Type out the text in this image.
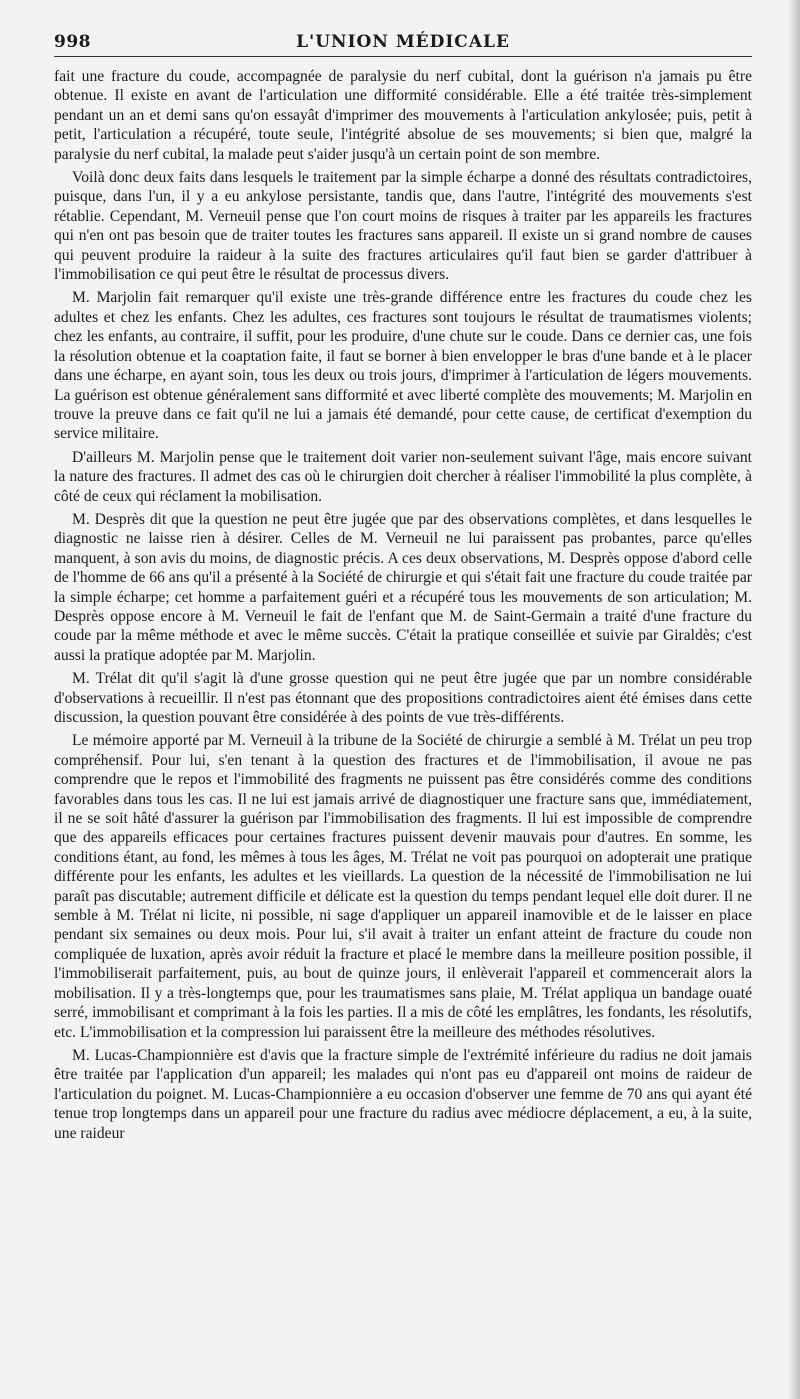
998	L'UNION MÉDICALE

fait une fracture du coude, accompagnée de paralysie du nerf cubital, dont la guérison n'a jamais pu être obtenue. Il existe en avant de l'articulation une difformité considérable. Elle a été traitée très-simplement pendant un an et demi sans qu'on essayât d'imprimer des mouvements à l'articulation ankylosée; puis, petit à petit, l'articulation a récupéré, toute seule, l'intégrité absolue de ses mouvements; si bien que, malgré la paralysie du nerf cubital, la malade peut s'aider jusqu'à un certain point de son membre.

Voilà donc deux faits dans lesquels le traitement par la simple écharpe a donné des résultats contradictoires, puisque, dans l'un, il y a eu ankylose persistante, tandis que, dans l'autre, l'intégrité des mouvements s'est rétablie. Cependant, M. Verneuil pense que l'on court moins de risques à traiter par les appareils les fractures qui n'en ont pas besoin que de traiter toutes les fractures sans appareil. Il existe un si grand nombre de causes qui peuvent produire la raideur à la suite des fractures articulaires qu'il faut bien se garder d'attribuer à l'immobilisation ce qui peut être le résultat de processus divers.

M. Marjolin fait remarquer qu'il existe une très-grande différence entre les fractures du coude chez les adultes et chez les enfants. Chez les adultes, ces fractures sont toujours le résultat de traumatismes violents; chez les enfants, au contraire, il suffit, pour les produire, d'une chute sur le coude. Dans ce dernier cas, une fois la résolution obtenue et la coaptation faite, il faut se borner à bien envelopper le bras d'une bande et à le placer dans une écharpe, en ayant soin, tous les deux ou trois jours, d'imprimer à l'articulation de légers mouvements. La guérison est obtenue généralement sans difformité et avec liberté complète des mouvements; M. Marjolin en trouve la preuve dans ce fait qu'il ne lui a jamais été demandé, pour cette cause, de certificat d'exemption du service militaire.

D'ailleurs M. Marjolin pense que le traitement doit varier non-seulement suivant l'âge, mais encore suivant la nature des fractures. Il admet des cas où le chirurgien doit chercher à réaliser l'immobilité la plus complète, à côté de ceux qui réclament la mobilisation.

M. Desprès dit que la question ne peut être jugée que par des observations complètes, et dans lesquelles le diagnostic ne laisse rien à désirer. Celles de M. Verneuil ne lui paraissent pas probantes, parce qu'elles manquent, à son avis du moins, de diagnostic précis. A ces deux observations, M. Desprès oppose d'abord celle de l'homme de 66 ans qu'il a présenté à la Société de chirurgie et qui s'était fait une fracture du coude traitée par la simple écharpe; cet homme a parfaitement guéri et a récupéré tous les mouvements de son articulation; M. Desprès oppose encore à M. Verneuil le fait de l'enfant que M. de Saint-Germain a traité d'une fracture du coude par la même méthode et avec le même succès. C'était la pratique conseillée et suivie par Giraldès; c'est aussi la pratique adoptée par M. Marjolin.

M. Trélat dit qu'il s'agit là d'une grosse question qui ne peut être jugée que par un nombre considérable d'observations à recueillir. Il n'est pas étonnant que des propositions contradictoires aient été émises dans cette discussion, la question pouvant être considérée à des points de vue très-différents.

Le mémoire apporté par M. Verneuil à la tribune de la Société de chirurgie a semblé à M. Trélat un peu trop compréhensif. Pour lui, s'en tenant à la question des fractures et de l'immobilisation, il avoue ne pas comprendre que le repos et l'immobilité des fragments ne puissent pas être considérés comme des conditions favorables dans tous les cas. Il ne lui est jamais arrivé de diagnostiquer une fracture sans que, immédiatement, il ne se soit hâté d'assurer la guérison par l'immobilisation des fragments. Il lui est impossible de comprendre que des appareils efficaces pour certaines fractures puissent devenir mauvais pour d'autres. En somme, les conditions étant, au fond, les mêmes à tous les âges, M. Trélat ne voit pas pourquoi on adopterait une pratique différente pour les enfants, les adultes et les vieillards. La question de la nécessité de l'immobilisation ne lui paraît pas discutable; autrement difficile et délicate est la question du temps pendant lequel elle doit durer. Il ne semble à M. Trélat ni licite, ni possible, ni sage d'appliquer un appareil inamovible et de le laisser en place pendant six semaines ou deux mois. Pour lui, s'il avait à traiter un enfant atteint de fracture du coude non compliquée de luxation, après avoir réduit la fracture et placé le membre dans la meilleure position possible, il l'immobiliserait parfaitement, puis, au bout de quinze jours, il enlèverait l'appareil et commencerait alors la mobilisation. Il y a très-longtemps que, pour les traumatismes sans plaie, M. Trélat appliqua un bandage ouaté serré, immobilisant et comprimant à la fois les parties. Il a mis de côté les emplâtres, les fondants, les résolutifs, etc. L'immobilisation et la compression lui paraissent être la meilleure des méthodes résolutives.

M. Lucas-Championnière est d'avis que la fracture simple de l'extrémité inférieure du radius ne doit jamais être traitée par l'application d'un appareil; les malades qui n'ont pas eu d'appareil ont moins de raideur de l'articulation du poignet. M. Lucas-Championnière a eu occasion d'observer une femme de 70 ans qui ayant été tenue trop longtemps dans un appareil pour une fracture du radius avec médiocre déplacement, a eu, à la suite, une raideur
